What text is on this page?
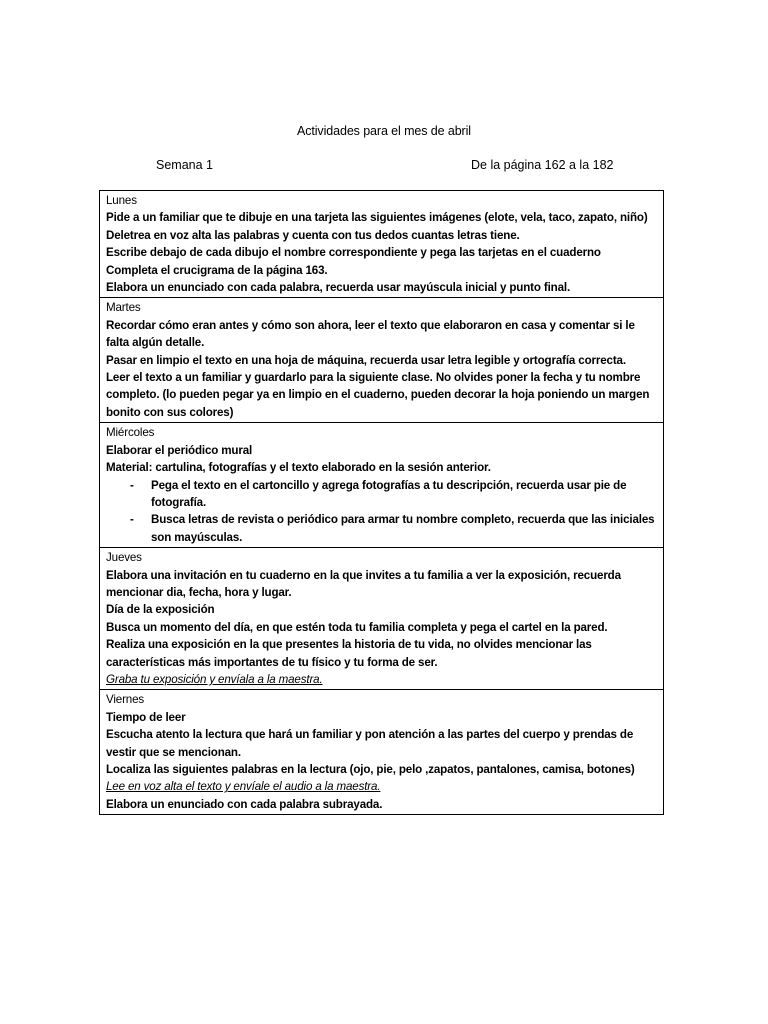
Actividades para el mes de abril
Semana 1	De la página 162 a la 182
Lunes
Pide a un familiar que te dibuje en una tarjeta las siguientes imágenes (elote, vela, taco, zapato, niño)
Deletrea en voz alta las palabras y cuenta con tus dedos cuantas letras tiene.
Escribe debajo de cada dibujo el nombre correspondiente y pega las tarjetas en el cuaderno
Completa el crucigrama de la página 163.
Elabora un enunciado con cada palabra, recuerda usar mayúscula inicial y punto final.

Martes
Recordar cómo eran antes y cómo son ahora, leer el texto que elaboraron en casa y comentar si le falta algún detalle.
Pasar en limpio el texto en una hoja de máquina, recuerda usar letra legible y ortografía correcta.
Leer el texto a un familiar y guardarlo para la siguiente clase. No olvides poner la fecha y tu nombre completo. (lo pueden pegar ya en limpio en el cuaderno, pueden decorar la hoja poniendo un margen bonito con sus colores)

Miércoles
Elaborar el periódico mural
Material: cartulina, fotografías y el texto elaborado en la sesión anterior.
- Pega el texto en el cartoncillo y agrega fotografías a tu descripción, recuerda usar pie de fotografía.
- Busca letras de revista o periódico para armar tu nombre completo, recuerda que las iniciales son mayúsculas.

Jueves
Elabora una invitación en tu cuaderno en la que invites a tu familia a ver la exposición, recuerda mencionar dia, fecha, hora y lugar.
Día de la exposición
Busca un momento del día, en que estén toda tu familia completa y pega el cartel en la pared.
Realiza una exposición en la que presentes la historia de tu vida, no olvides mencionar las características más importantes de tu físico y tu forma de ser.
Graba tu exposición y envíala a la maestra.

Viernes
Tiempo de leer
Escucha atento la lectura que hará un familiar y pon atención a las partes del cuerpo y prendas de vestir que se mencionan.
Localiza las siguientes palabras en la lectura (ojo, pie, pelo ,zapatos, pantalones, camisa, botones)
Lee en voz alta el texto y envíale el audio a la maestra.
Elabora un enunciado con cada palabra subrayada.
